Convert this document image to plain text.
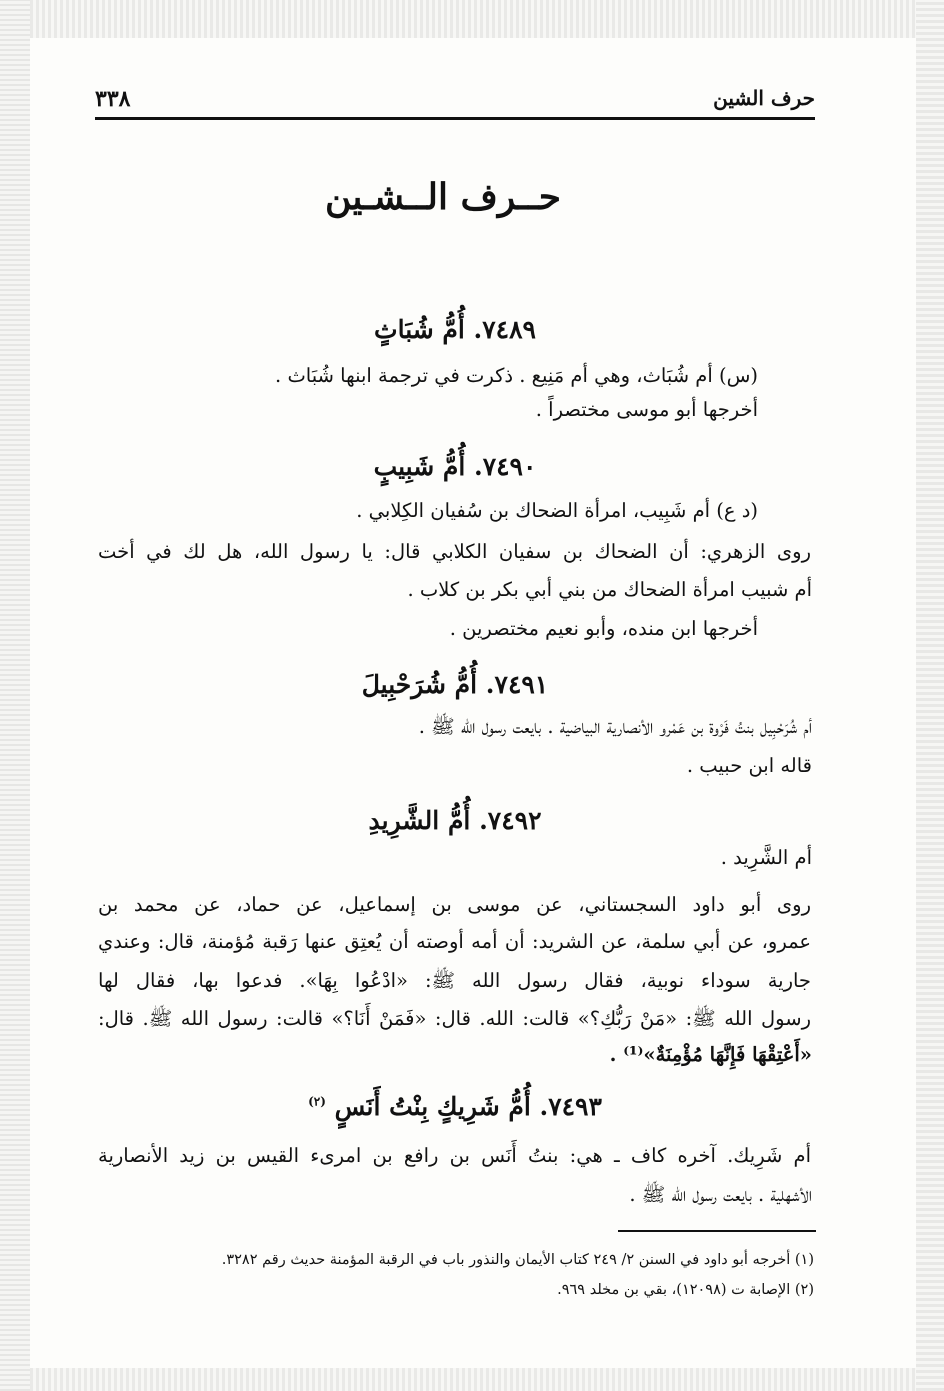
٣٣٨	حرف الشين
حــرف الــشـين
٧٤٨٩. أُمُّ شُبَاثٍ
(س) أم شُبَاث، وهي أم مَنِيع . ذكرت في ترجمة ابنها شُبَاث .
أخرجها أبو موسى مختصراً .
٧٤٩٠. أُمُّ شَبِيبٍ
(د ع) أم شَبِيب، امرأة الضحاك بن سُفيان الكِلابي .
روى الزهري: أن الضحاك بن سفيان الكلابي قال: يا رسول الله، هل لك في أخت
أم شبيب امرأة الضحاك من بني أبي بكر بن كلاب .
أخرجها ابن منده، وأبو نعيم مختصرين .
٧٤٩١. أُمُّ شُرَحْبِيلَ
أم شُرَحْبِيل بنتُ فَرْوة بن عَمْرو الأنصارية البياضية . بايعت رسول الله ﷺ .
قاله ابن حبيب .
٧٤٩٢. أُمُّ الشَّرِيدِ
أم الشَّرِيد .
روى أبو داود السجستاني، عن موسى بن إسماعيل، عن حماد، عن محمد بن
عمرو، عن أبي سلمة، عن الشريد: أن أمه أوصته أن يُعتِق عنها رَقبة مُؤمنة، قال: وعندي
جارية سوداء نوبية، فقال رسول الله ﷺ: «ادْعُوا بِهَا». فدعوا بها، فقال لها
رسول الله ﷺ: «مَنْ رَبُّكِ؟» قالت: الله. قال: «فَمَنْ أَنَا؟» قالت: رسول الله ﷺ. قال:
«أَعْتِقْهَا فَإِنَّهَا مُؤْمِنَةٌ»⁽¹⁾ .
٧٤٩٣. أُمُّ شَرِيكٍ بِنْتُ أَنَسٍ $^{(٢)}$
أم شَرِيك. آخره كاف ـ هي: بنتُ أَنَس بن رافع بن امرىء القيس بن زيد الأنصارية
الأشهلية . بايعت رسول الله ﷺ .
(١) أخرجه أبو داود في السنن ٢/ ٢٤٩ كتاب الأيمان والنذور باب في الرقبة المؤمنة حديث رقم ٣٢٨٢.
(٢) الإصابة ت (١٢٠٩٨)، بقي بن مخلد ٩٦٩.
